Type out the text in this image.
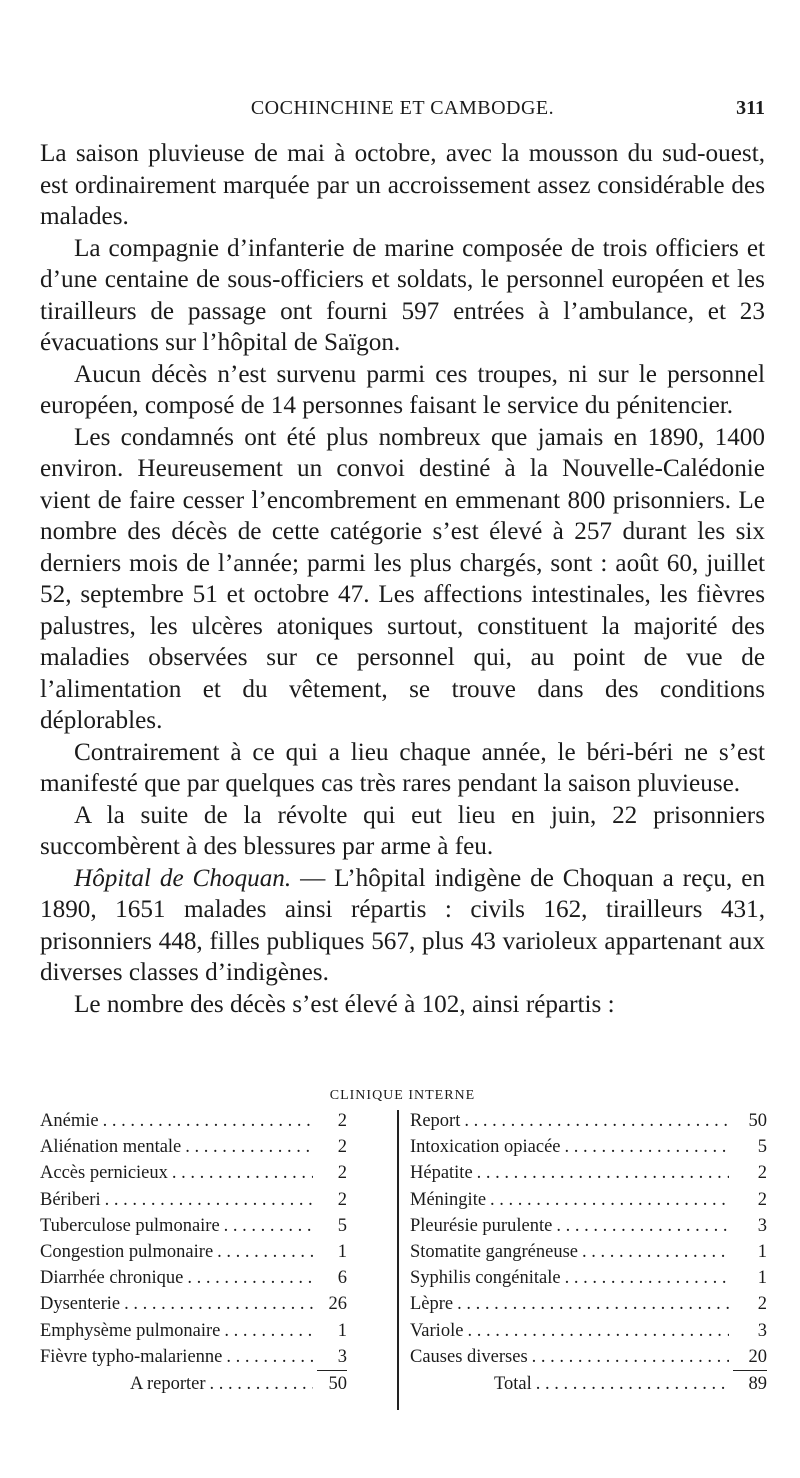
COCHINCHINE ET CAMBODGE.	311

La saison pluvieuse de mai à octobre, avec la mousson du sud-ouest, est ordinairement marquée par un accroissement assez considérable des malades.

La compagnie d’infanterie de marine composée de trois officiers et d’une centaine de sous-officiers et soldats, le personnel européen et les tirailleurs de passage ont fourni 597 entrées à l’ambulance, et 23 évacuations sur l’hôpital de Saïgon.

Aucun décès n’est survenu parmi ces troupes, ni sur le personnel européen, composé de 14 personnes faisant le service du pénitencier.

Les condamnés ont été plus nombreux que jamais en 1890, 1400 environ. Heureusement un convoi destiné à la Nouvelle-Calédonie vient de faire cesser l’encombrement en emmenant 800 prisonniers. Le nombre des décès de cette catégorie s’est élevé à 257 durant les six derniers mois de l’année; parmi les plus chargés, sont : août 60, juillet 52, septembre 51 et octobre 47. Les affections intestinales, les fièvres palustres, les ulcères atoniques surtout, constituent la majorité des maladies observées sur ce personnel qui, au point de vue de l’alimentation et du vêtement, se trouve dans des conditions déplorables.

Contrairement à ce qui a lieu chaque année, le béri-béri ne s’est manifesté que par quelques cas très rares pendant la saison pluvieuse.

A la suite de la révolte qui eut lieu en juin, 22 prisonniers succombèrent à des blessures par arme à feu.

Hôpital de Choquan. — L’hôpital indigène de Choquan a reçu, en 1890, 1651 malades ainsi répartis : civils 162, tirailleurs 431, prisonniers 448, filles publiques 567, plus 43 varioleux appartenant aux diverses classes d’indigènes.

Le nombre des décès s’est élevé à 102, ainsi répartis :

CLINIQUE INTERNE
Anémie . . .	2
Aliénation mentale . . .	2
Accès pernicieux . . .	2
Bériberi . . .	2
Tuberculose pulmonaire . . .	5
Congestion pulmonaire . . .	1
Diarrhée chronique . . .	6
Dysenterie . . .	26
Emphysème pulmonaire . . .	1
Fièvre typho-malarienne . . .	3
A reporter . . .	50
Report . . .	50
Intoxication opiacée . . .	5
Hépatite . . .	2
Méningite . . .	2
Pleurésie purulente . . .	3
Stomatite gangréneuse . . .	1
Syphilis congénitale . . .	1
Lèpre . . .	2
Variole . . .	3
Causes diverses . . .	20
Total . . .	89
